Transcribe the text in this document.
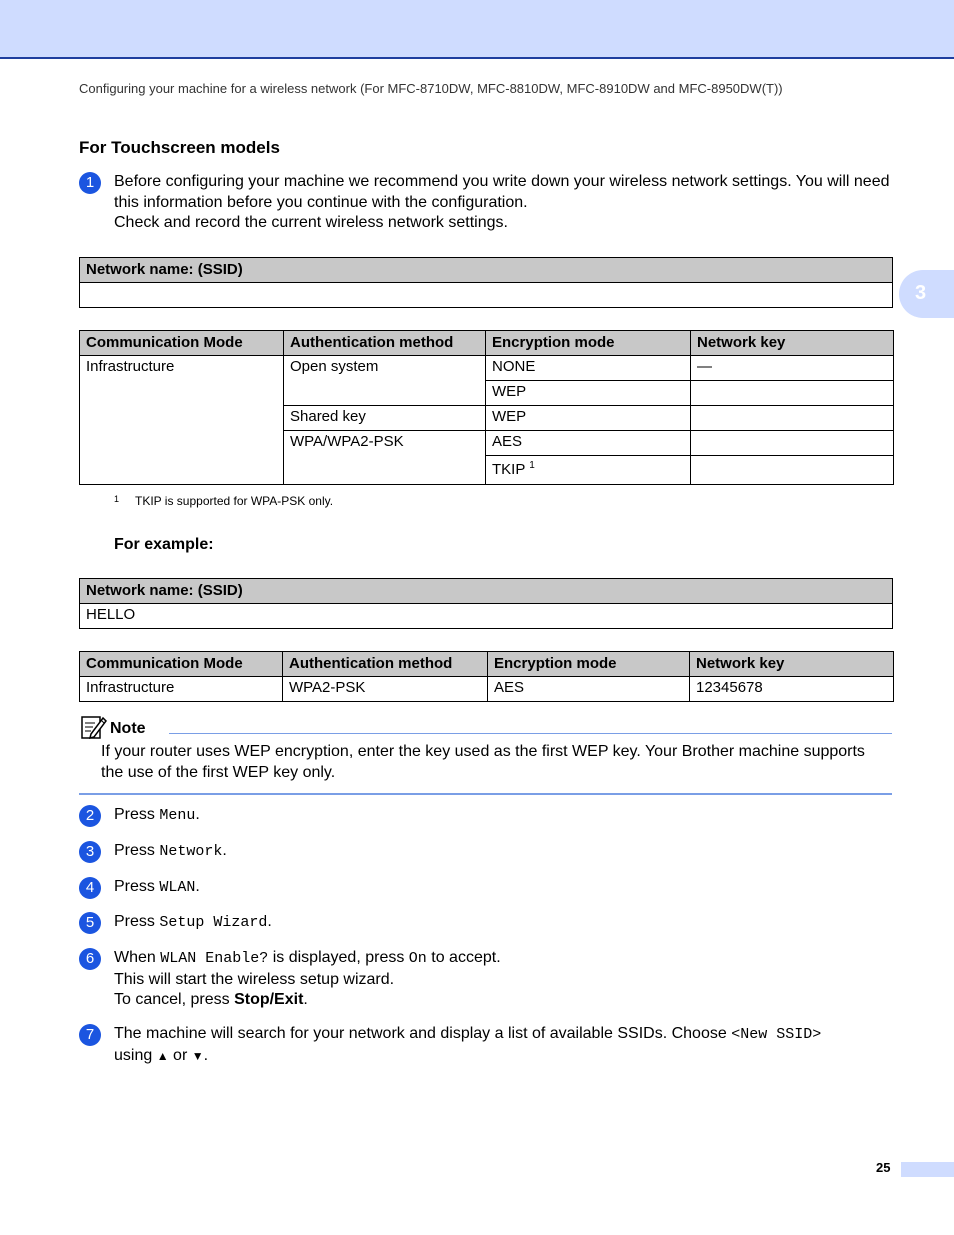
Configuring your machine for a wireless network (For MFC-8710DW, MFC-8810DW, MFC-8910DW and MFC-8950DW(T))
3
For Touchscreen models
1	Before configuring your machine we recommend you write down your wireless network settings. You will need this information before you continue with the configuration.
Check and record the current wireless network settings.
Network name: (SSID)

Communication Mode	Authentication method	Encryption mode	Network key
Infrastructure	Open system	NONE	—
		WEP	
	Shared key	WEP	
	WPA/WPA2-PSK	AES	
		TKIP $^1$	
$^1$ TKIP is supported for WPA-PSK only.
For example:
Network name: (SSID)
HELLO
Communication Mode	Authentication method	Encryption mode	Network key
Infrastructure	WPA2-PSK	AES	12345678
Note
If your router uses WEP encryption, enter the key used as the first WEP key. Your Brother machine supports the use of the first WEP key only.
2	Press Menu.
3	Press Network.
4	Press WLAN.
5	Press Setup Wizard.
6	When WLAN Enable? is displayed, press On to accept.
This will start the wireless setup wizard.
To cancel, press Stop/Exit.
7	The machine will search for your network and display a list of available SSIDs. Choose <New SSID>
using ▲ or ▼.
25
